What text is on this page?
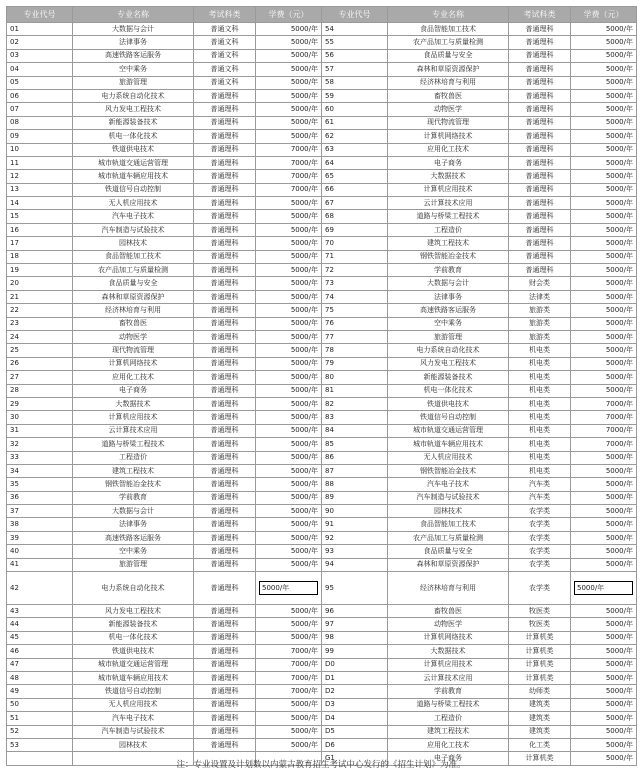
专业代号	专业名称	考试科类	学费（元）	专业代号	专业名称	考试科类	学费（元）
01	大数据与会计	普通文科	5000/年	54	食品智能加工技术	普通理科	5000/年
02	法律事务	普通文科	5000/年	55	农产品加工与质量检测	普通理科	5000/年
03	高速铁路客运服务	普通文科	5000/年	56	食品质量与安全	普通理科	5000/年
04	空中乘务	普通文科	5000/年	57	森林和草原资源保护	普通理科	5000/年
05	旅游管理	普通文科	5000/年	58	经济林培育与利用	普通理科	5000/年
06	电力系统自动化技术	普通理科	5000/年	59	畜牧兽医	普通理科	5000/年
07	风力发电工程技术	普通理科	5000/年	60	动物医学	普通理科	5000/年
08	新能源装备技术	普通理科	5000/年	61	现代物流管理	普通理科	5000/年
09	机电一体化技术	普通理科	5000/年	62	计算机网络技术	普通理科	5000/年
10	铁道供电技术	普通理科	7000/年	63	应用化工技术	普通理科	5000/年
11	城市轨道交通运营管理	普通理科	7000/年	64	电子商务	普通理科	5000/年
12	城市轨道车辆应用技术	普通理科	7000/年	65	大数据技术	普通理科	5000/年
13	铁道信号自动控制	普通理科	7000/年	66	计算机应用技术	普通理科	5000/年
14	无人机应用技术	普通理科	5000/年	67	云计算技术应用	普通理科	5000/年
15	汽车电子技术	普通理科	5000/年	68	道路与桥梁工程技术	普通理科	5000/年
16	汽车制造与试验技术	普通理科	5000/年	69	工程造价	普通理科	5000/年
17	园林技术	普通理科	5000/年	70	建筑工程技术	普通理科	5000/年
18	食品智能加工技术	普通理科	5000/年	71	钢铁智能冶金技术	普通理科	5000/年
19	农产品加工与质量检测	普通理科	5000/年	72	学前教育	普通理科	5000/年
20	食品质量与安全	普通理科	5000/年	73	大数据与会计	财会类	5000/年
21	森林和草原资源保护	普通理科	5000/年	74	法律事务	法律类	5000/年
22	经济林培育与利用	普通理科	5000/年	75	高速铁路客运服务	旅游类	5000/年
23	畜牧兽医	普通理科	5000/年	76	空中乘务	旅游类	5000/年
24	动物医学	普通理科	5000/年	77	旅游管理	旅游类	5000/年
25	现代物流管理	普通理科	5000/年	78	电力系统自动化技术	机电类	5000/年
26	计算机网络技术	普通理科	5000/年	79	风力发电工程技术	机电类	5000/年
27	应用化工技术	普通理科	5000/年	80	新能源装备技术	机电类	5000/年
28	电子商务	普通理科	5000/年	81	机电一体化技术	机电类	5000/年
29	大数据技术	普通理科	5000/年	82	铁道供电技术	机电类	7000/年
30	计算机应用技术	普通理科	5000/年	83	铁道信号自动控制	机电类	7000/年
31	云计算技术应用	普通理科	5000/年	84	城市轨道交通运营管理	机电类	7000/年
32	道路与桥梁工程技术	普通理科	5000/年	85	城市轨道车辆应用技术	机电类	7000/年
33	工程造价	普通理科	5000/年	86	无人机应用技术	机电类	5000/年
34	建筑工程技术	普通理科	5000/年	87	钢铁智能冶金技术	机电类	5000/年
35	钢铁智能冶金技术	普通理科	5000/年	88	汽车电子技术	汽车类	5000/年
36	学前教育	普通理科	5000/年	89	汽车制造与试验技术	汽车类	5000/年
37	大数据与会计	普通理科	5000/年	90	园林技术	农学类	5000/年
38	法律事务	普通理科	5000/年	91	食品智能加工技术	农学类	5000/年
39	高速铁路客运服务	普通理科	5000/年	92	农产品加工与质量检测	农学类	5000/年
40	空中乘务	普通理科	5000/年	93	食品质量与安全	农学类	5000/年
41	旅游管理	普通理科	5000/年	94	森林和草原资源保护	农学类	5000/年
42	电力系统自动化技术	普通理科	5000/年	95	经济林培育与利用	农学类	5000/年

43	风力发电工程技术	普通理科	5000/年	96	畜牧兽医	牧医类	5000/年
44	新能源装备技术	普通理科	5000/年	97	动物医学	牧医类	5000/年
45	机电一体化技术	普通理科	5000/年	98	计算机网络技术	计算机类	5000/年
46	铁道供电技术	普通理科	7000/年	99	大数据技术	计算机类	5000/年
47	城市轨道交通运营管理	普通理科	7000/年	D0	计算机应用技术	计算机类	5000/年
48	城市轨道车辆应用技术	普通理科	7000/年	D1	云计算技术应用	计算机类	5000/年
49	铁道信号自动控制	普通理科	7000/年	D2	学前教育	幼师类	5000/年
50	无人机应用技术	普通理科	5000/年	D3	道路与桥梁工程技术	建筑类	5000/年
51	汽车电子技术	普通理科	5000/年	D4	工程造价	建筑类	5000/年
52	汽车制造与试验技术	普通理科	5000/年	D5	建筑工程技术	建筑类	5000/年
53	园林技术	普通理科	5000/年	D6	应用化工技术	化工类	5000/年
				G1	电子商务	计算机类	5000/年
注：专业设置及计划数以内蒙古教育招生考试中心发行的《招生计划》为准。
